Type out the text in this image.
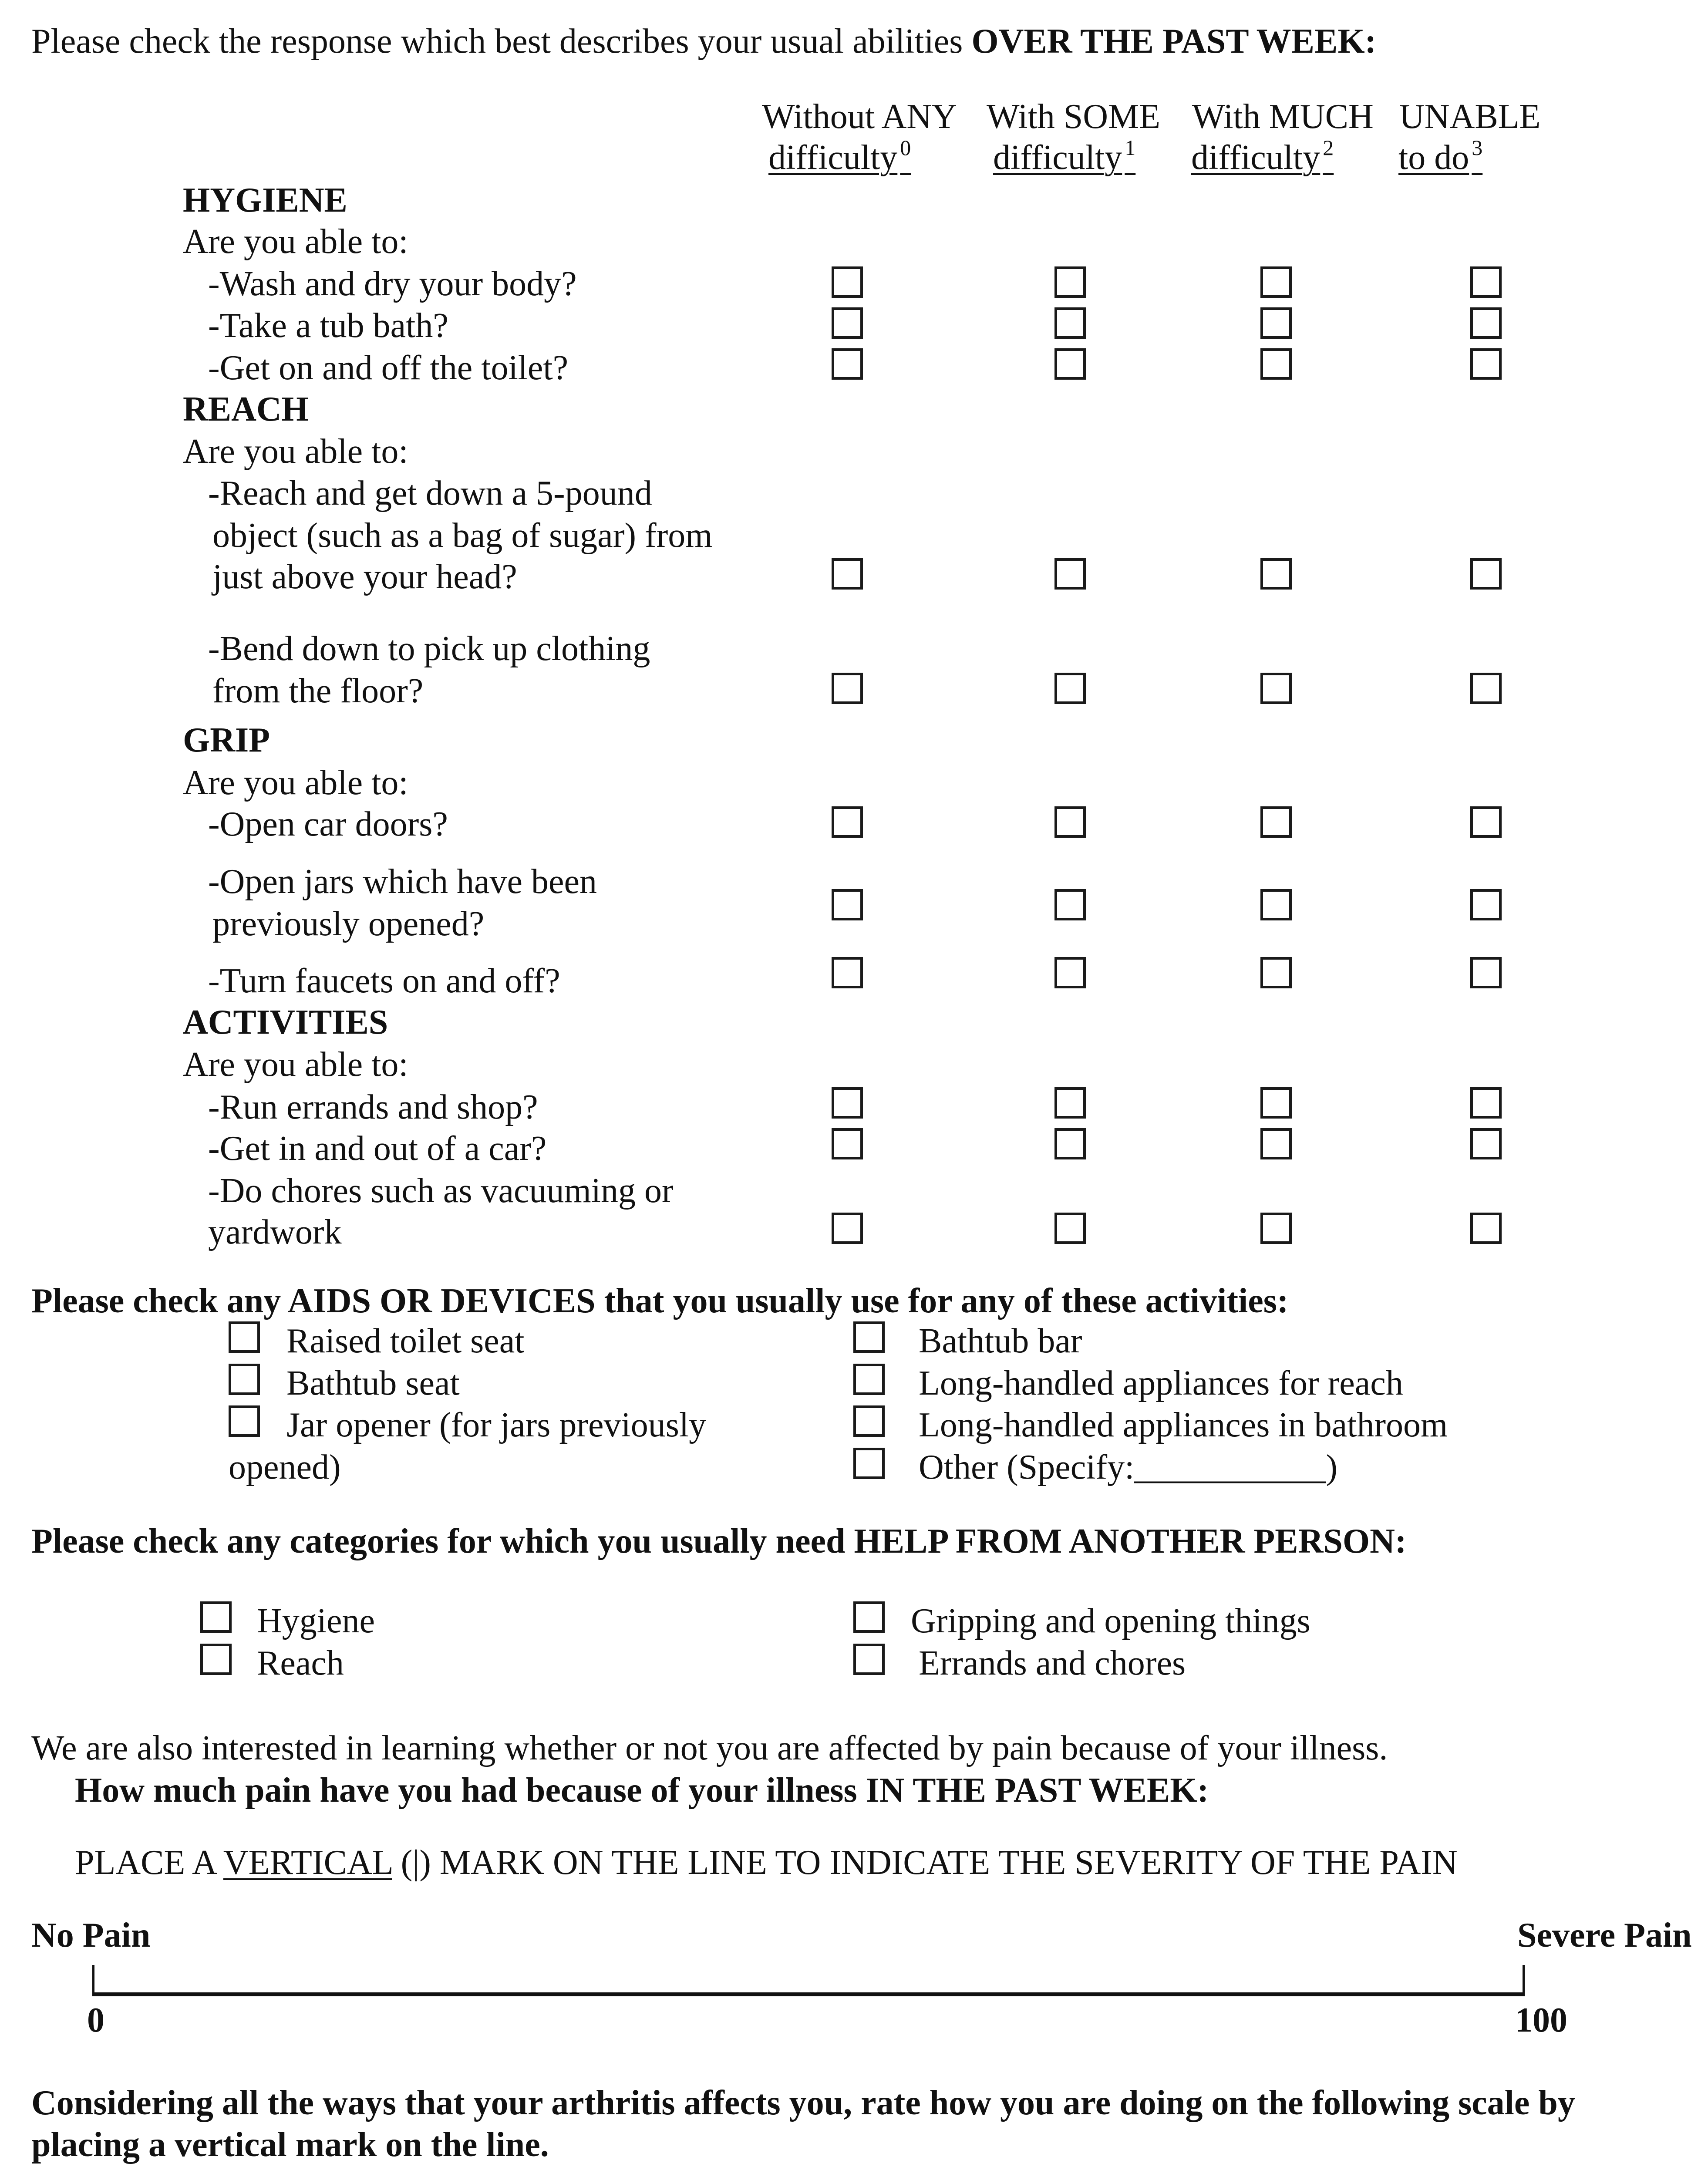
Please check the response which best describes your usual abilities OVER THE PAST WEEK:
Without ANY
difficulty $^0$
With SOME
difficulty $^1$
With MUCH
difficulty $^2$
UNABLE
to do $^3$
HYGIENE
Are you able to:
-Wash and dry your body?
-Take a tub bath?
-Get on and off the toilet?
REACH
Are you able to:
-Reach and get down a 5-pound
object (such as a bag of sugar) from
just above your head?
-Bend down to pick up clothing
from the floor?
GRIP
Are you able to:
-Open car doors?
-Open jars which have been
previously opened?
-Turn faucets on and off?
ACTIVITIES
Are you able to:
-Run errands and shop?
-Get in and out of a car?
-Do chores such as vacuuming or
yardwork
Please check any AIDS OR DEVICES that you usually use for any of these activities:
Raised toilet seat
Bathtub seat
Jar opener (for jars previously
opened)
Bathtub bar
Long-handled appliances for reach
Long-handled appliances in bathroom
Other (Specify:___________)
Please check any categories for which you usually need HELP FROM ANOTHER PERSON:
Hygiene
Reach
Gripping and opening things
Errands and chores
We are also interested in learning whether or not you are affected by pain because of your illness.
How much pain have you had because of your illness IN THE PAST WEEK:
PLACE A VERTICAL (|) MARK ON THE LINE TO INDICATE THE SEVERITY OF THE PAIN
No Pain	Severe Pain
0	100
Considering all the ways that your arthritis affects you, rate how you are doing on the following scale by
placing a vertical mark on the line.
